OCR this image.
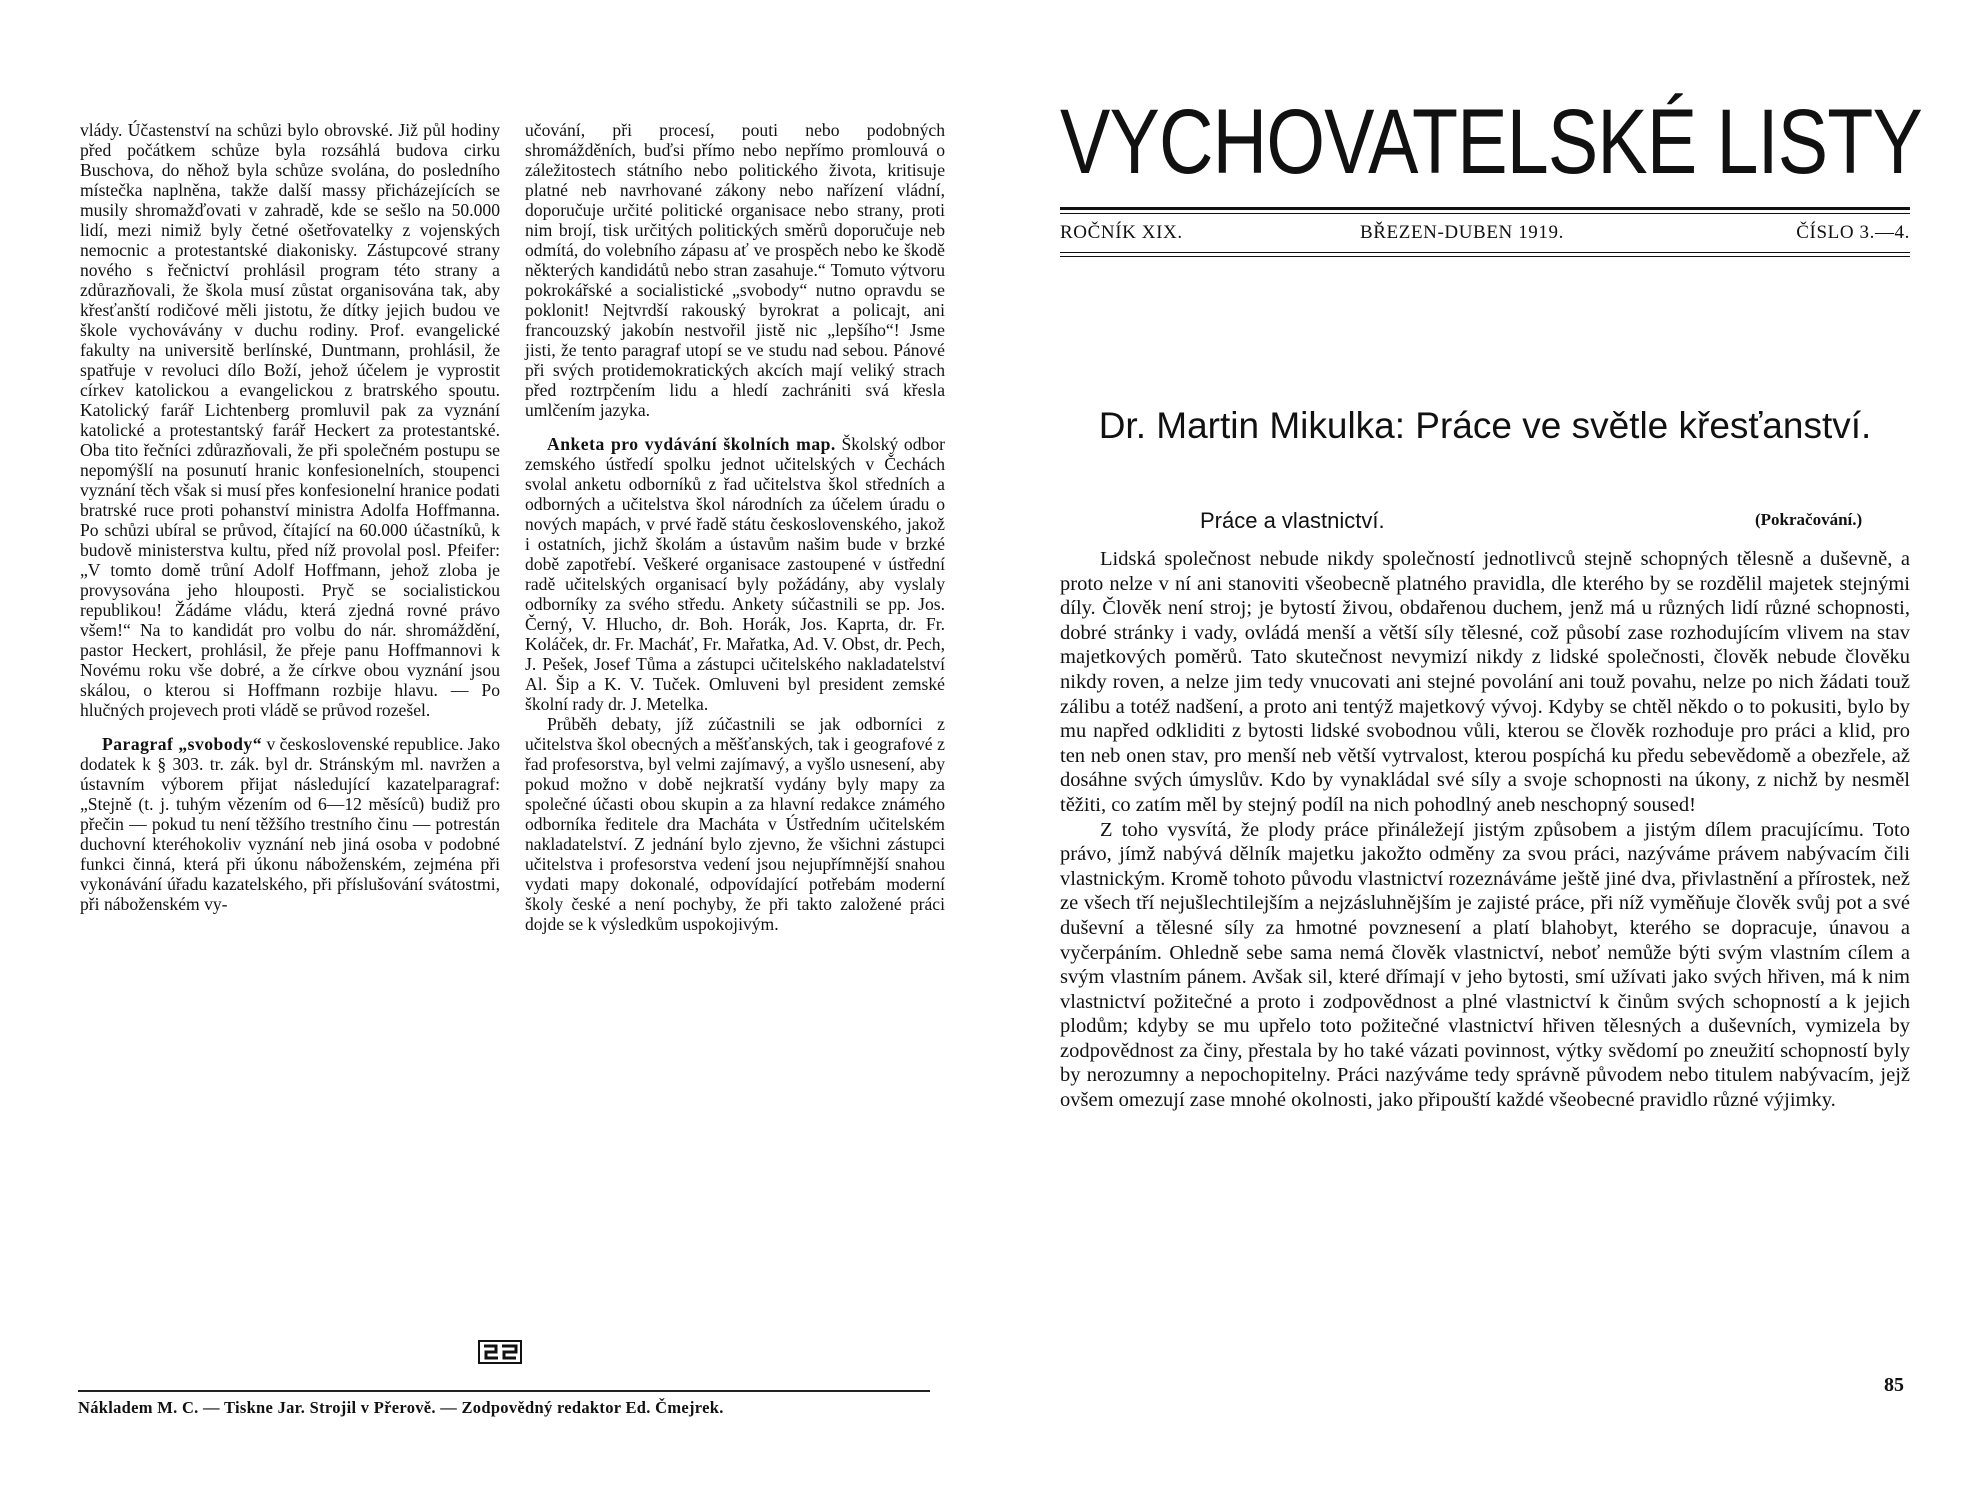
vlády. Účastenství na schůzi bylo obrovské. Již půl hodiny před počátkem schůze byla rozsáhlá budova cirku Buschova, do něhož byla schůze svolána, do posledního místečka naplněna, takže další massy přicházejících se musily shromažďovati v zahradě, kde se sešlo na 50.000 lidí, mezi nimiž byly četné ošetřovatelky z vojenských nemocnic a protestantské diakonisky. Zástupcové strany nového s řečnictví prohlásil program této strany a zdůrazňovali, že škola musí zůstat organisována tak, aby křesťanští rodičové měli jistotu, že dítky jejich budou ve škole vychovávány v duchu rodiny. Prof. evangelické fakulty na universitě berlínské, Duntmann, prohlásil, že spatřuje v revoluci dílo Boží, jehož účelem je vyprostit církev katolickou a evangelickou z bratrského spoutu. Katolický farář Lichtenberg promluvil pak za vyznání katolické a protestantský farář Heckert za protestantské. Oba tito řečníci zdůrazňovali, že při společném postupu se nepomýšlí na posunutí hranic konfesionelních, stoupenci vyznání těch však si musí přes konfesionelní hranice podati bratrské ruce proti pohanství ministra Adolfa Hoffmanna. Po schůzi ubíral se průvod, čítající na 60.000 účastníků, k budově ministerstva kultu, před níž provolal posl. Pfeifer: „V tomto domě trůní Adolf Hoffmann, jehož zloba je provysována jeho hlouposti. Pryč se socialistickou republikou! Žádáme vládu, která zjedná rovné právo všem!“ Na to kandidát pro volbu do nár. shromáždění, pastor Heckert, prohlásil, že přeje panu Hoffmannovi k Novému roku vše dobré, a že církve obou vyznání jsou skálou, o kterou si Hoffmann rozbije hlavu. — Po hlučných projevech proti vládě se průvod rozešel.

Paragraf „svobody“ v československé republice. Jako dodatek k § 303. tr. zák. byl dr. Stránským ml. navržen a ústavním výborem přijat následující kazatelparagraf: „Stejně (t. j. tuhým vězením od 6—12 měsíců) budiž pro přečin — pokud tu není těžšího trestního činu — potrestán duchovní kteréhokoliv vyznání neb jiná osoba v podobné funkci činná, která při úkonu náboženském, zejména při vykonávání úřadu kazatelského, při příslušování svátostmi, při náboženském vy-

učování, při procesí, pouti nebo podobných shromážděních, buďsi přímo nebo nepřímo promlouvá o záležitostech státního nebo politického života, kritisuje platné neb navrhované zákony nebo nařízení vládní, doporučuje určité politické organisace nebo strany, proti nim brojí, tisk určitých politických směrů doporučuje neb odmítá, do volebního zápasu ať ve prospěch nebo ke škodě některých kandidátů nebo stran zasahuje.“ Tomuto výtvoru pokrokářské a socialistické „svobody“ nutno opravdu se poklonit! Nejtvrdší rakouský byrokrat a policajt, ani francouzský jakobín nestvořil jistě nic „lepšího“! Jsme jisti, že tento paragraf utopí se ve studu nad sebou. Pánové při svých protidemokratických akcích mají veliký strach před roztrpčením lidu a hledí zachrániti svá křesla umlčením jazyka.

Anketa pro vydávání školních map. Školský odbor zemského ústředí spolku jednot učitelských v Čechách svolal anketu odborníků z řad učitelstva škol středních a odborných a učitelstva škol národních za účelem úradu o nových mapách, v prvé řadě státu československého, jakož i ostatních, jichž školám a ústavům našim bude v brzké době zapotřebí. Veškeré organisace zastoupené v ústřední radě učitelských organisací byly požádány, aby vyslaly odborníky za svého středu. Ankety súčastnili se pp. Jos. Černý, V. Hlucho, dr. Boh. Horák, Jos. Kaprta, dr. Fr. Koláček, dr. Fr. Macháť, Fr. Mařatka, Ad. V. Obst, dr. Pech, J. Pešek, Josef Tůma a zástupci učitelského nakladatelství Al. Šip a K. V. Tuček. Omluveni byl president zemské školní rady dr. J. Metelka.

Průběh debaty, jíž zúčastnili se jak odborníci z učitelstva škol obecných a měšťanských, tak i geografové z řad profesorstva, byl velmi zajímavý, a vyšlo usnesení, aby pokud možno v době nejkratší vydány byly mapy za společné účasti obou skupin a za hlavní redakce známého odborníka ředitele dra Macháta v Ústředním učitelském nakladatelství. Z jednání bylo zjevno, že všichni zástupci učitelstva i profesorstva vedení jsou nejupřímnější snahou vydati mapy dokonalé, odpovídající potřebám moderní školy české a není pochyby, že při takto založené práci dojde se k výsledkům uspokojivým.

Nákladem M. C. — Tiskne Jar. Strojil v Přerově. — Zodpovědný redaktor Ed. Čmejrek.
VYCHOVATELSKÉ LISTY
ROČNÍK XIX.	BŘEZEN-DUBEN 1919.	ČÍSLO 3.—4.
Dr. Martin Mikulka: Práce ve světle křesťanství.
Práce a vlastnictví.	(Pokračování.)

Lidská společnost nebude nikdy společností jednotlivců stejně schopných tělesně a duševně, a proto nelze v ní ani stanoviti všeobecně platného pravidla, dle kterého by se rozdělil majetek stejnými díly. Člověk není stroj; je bytostí živou, obdařenou duchem, jenž má u různých lidí různé schopnosti, dobré stránky i vady, ovládá menší a větší síly tělesné, což působí zase rozhodujícím vlivem na stav majetkových poměrů. Tato skutečnost nevymizí nikdy z lidské společnosti, člověk nebude člověku nikdy roven, a nelze jim tedy vnucovati ani stejné povolání ani touž povahu, nelze po nich žádati touž zálibu a totéž nadšení, a proto ani tentýž majetkový vývoj. Kdyby se chtěl někdo o to pokusiti, bylo by mu napřed odkliditi z bytosti lidské svobodnou vůli, kterou se člověk rozhoduje pro práci a klid, pro ten neb onen stav, pro menší neb větší vytrvalost, kterou pospíchá ku předu sebevědomě a obezřele, až dosáhne svých úmyslův. Kdo by vynakládal své síly a svoje schopnosti na úkony, z nichž by nesměl těžiti, co zatím měl by stejný podíl na nich pohodlný aneb neschopný soused!

Z toho vysvítá, že plody práce přináležejí jistým způsobem a jistým dílem pracujícímu. Toto právo, jímž nabývá dělník majetku jakožto odměny za svou práci, nazýváme právem nabývacím čili vlastnickým. Kromě tohoto původu vlastnictví rozeznáváme ještě jiné dva, přivlastnění a přírostek, než ze všech tří nejušlechtilejším a nejzásluhnějším je zajisté práce, při níž vyměňuje člověk svůj pot a své duševní a tělesné síly za hmotné povznesení a platí blahobyt, kterého se dopracuje, únavou a vyčerpáním. Ohledně sebe sama nemá člověk vlastnictví, neboť nemůže býti svým vlastním cílem a svým vlastním pánem. Avšak sil, které dřímají v jeho bytosti, smí užívati jako svých hřiven, má k nim vlastnictví požitečné a proto i zodpovědnost a plné vlastnictví k činům svých schopností a k jejich plodům; kdyby se mu upřelo toto požitečné vlastnictví hřiven tělesných a duševních, vymizela by zodpovědnost za činy, přestala by ho také vázati povinnost, výtky svědomí po zneužití schopností byly by nerozumny a nepochopitelny. Práci nazýváme tedy správně původem nebo titulem nabývacím, jejž ovšem omezují zase mnohé okolnosti, jako připouští každé všeobecné pravidlo různé výjimky.

85
